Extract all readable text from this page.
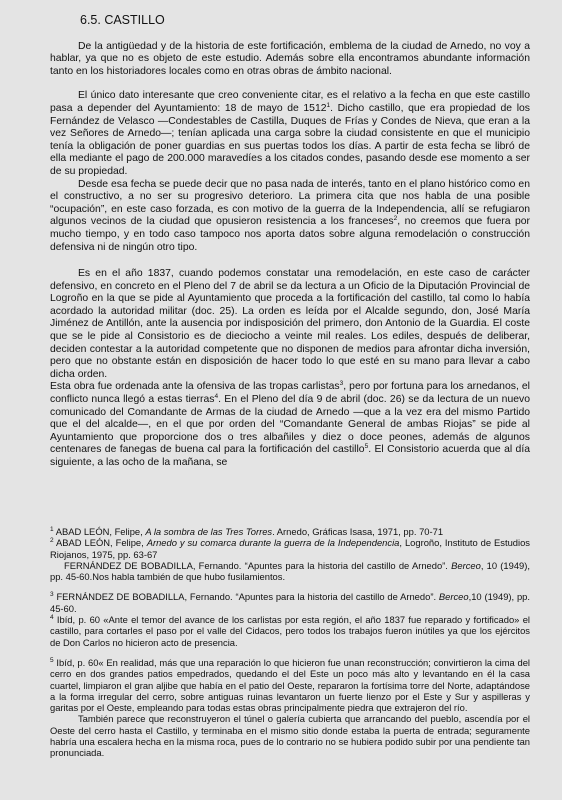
6.5. CASTILLO

De la antigüedad y de la historia de este fortificación, emblema de la ciudad de Arnedo, no voy a hablar, ya que no es objeto de este estudio. Además sobre ella encontramos abundante información tanto en los historiadores locales como en otras obras de ámbito nacional.

El único dato interesante que creo conveniente citar, es el relativo a la fecha en que este castillo pasa a depender del Ayuntamiento: 18 de mayo de 1512$^1$. Dicho castillo, que era propiedad de los Fernández de Velasco —Condestables de Castilla, Duques de Frías y Condes de Nieva, que eran a la vez Señores de Arnedo—; tenían aplicada una carga sobre la ciudad consistente en que el municipio tenía la obligación de poner guardias en sus puertas todos los días. A partir de esta fecha se libró de ella mediante el pago de 200.000 maravedíes a los citados condes, pasando desde ese momento a ser de su propiedad.

Desde esa fecha se puede decir que no pasa nada de interés, tanto en el plano histórico como en el constructivo, a no ser su progresivo deterioro. La primera cita que nos habla de una posible “ocupación”, en este caso forzada, es con motivo de la guerra de la Independencia, allí se refugiaron algunos vecinos de la ciudad que opusieron resistencia a los franceses$^2$, no creemos que fuera por mucho tiempo, y en todo caso tampoco nos aporta datos sobre alguna remodelación o construcción defensiva ni de ningún otro tipo.

Es en el año 1837, cuando podemos constatar una remodelación, en este caso de carácter defensivo, en concreto en el Pleno del 7 de abril se da lectura a un Oficio de la Diputación Provincial de Logroño en la que se pide al Ayuntamiento que proceda a la fortificación del castillo, tal como lo había acordado la autoridad militar (doc. 25). La orden es leída por el Alcalde segundo, don, José María Jiménez de Antillón, ante la ausencia por indisposición del primero, don Antonio de la Guardia. El coste que se le pide al Consistorio es de dieciocho a veinte mil reales. Los ediles, después de deliberar, deciden contestar a la autoridad competente que no disponen de medios para afrontar dicha inversión, pero que no obstante están en disposición de hacer todo lo que esté en su mano para llevar a cabo dicha orden.

Esta obra fue ordenada ante la ofensiva de las tropas carlistas$^3$, pero por fortuna para los arnedanos, el conflicto nunca llegó a estas tierras$^4$. En el Pleno del día 9 de abril (doc. 26) se da lectura de un nuevo comunicado del Comandante de Armas de la ciudad de Arnedo —que a la vez era del mismo Partido que el del alcalde—, en el que por orden del “Comandante General de ambas Riojas” se pide al Ayuntamiento que proporcione dos o tres albañiles y diez o doce peones, además de algunos centenares de fanegas de buena cal para la fortificación del castillo$^5$. El Consistorio acuerda que al día siguiente, a las ocho de la mañana, se

$^1$ ABAD LEÓN, Felipe, A la sombra de las Tres Torres. Arnedo, Gráficas Isasa, 1971, pp. 70-71

$^2$ ABAD LEÓN, Felipe, Arnedo y su comarca durante la guerra de la Independencia, Logroño, Instituto de Estudios Riojanos, 1975, pp. 63-67

FERNÁNDEZ DE BOBADILLA, Fernando. “Apuntes para la historia del castillo de Arnedo”. Berceo, 10 (1949), pp. 45-60.Nos habla también de que hubo fusilamientos.

$^3$ FERNÁNDEZ DE BOBADILLA, Fernando. “Apuntes para la historia del castillo de Arnedo”. Berceo,10 (1949), pp. 45-60.

$^4$ Ibíd, p. 60 «Ante el temor del avance de los carlistas por esta región, el año 1837 fue reparado y fortificado» el castillo, para cortarles el paso por el valle del Cidacos, pero todos los trabajos fueron inútiles ya que los ejércitos de Don Carlos no hicieron acto de presencia.

$^5$ Ibíd, p. 60« En realidad, más que una reparación lo que hicieron fue unan reconstrucción; convirtieron la cima del cerro en dos grandes patios empedrados, quedando el del Este un poco más alto y levantando en él la casa cuartel, limpiaron el gran aljibe que había en el patio del Oeste, repararon la fortísima torre del Norte, adaptándose a la forma irregular del cerro, sobre antiguas ruinas levantaron un fuerte lienzo por el Este y Sur y aspilleras y garitas por el Oeste, empleando para todas estas obras principalmente piedra que extrajeron del río.

También parece que reconstruyeron el túnel o galería cubierta que arrancando del pueblo, ascendía por el Oeste del cerro hasta el Castillo, y terminaba en el mismo sitio donde estaba la puerta de entrada; seguramente habría una escalera hecha en la misma roca, pues de lo contrario no se hubiera podido subir por una pendiente tan pronunciada.
